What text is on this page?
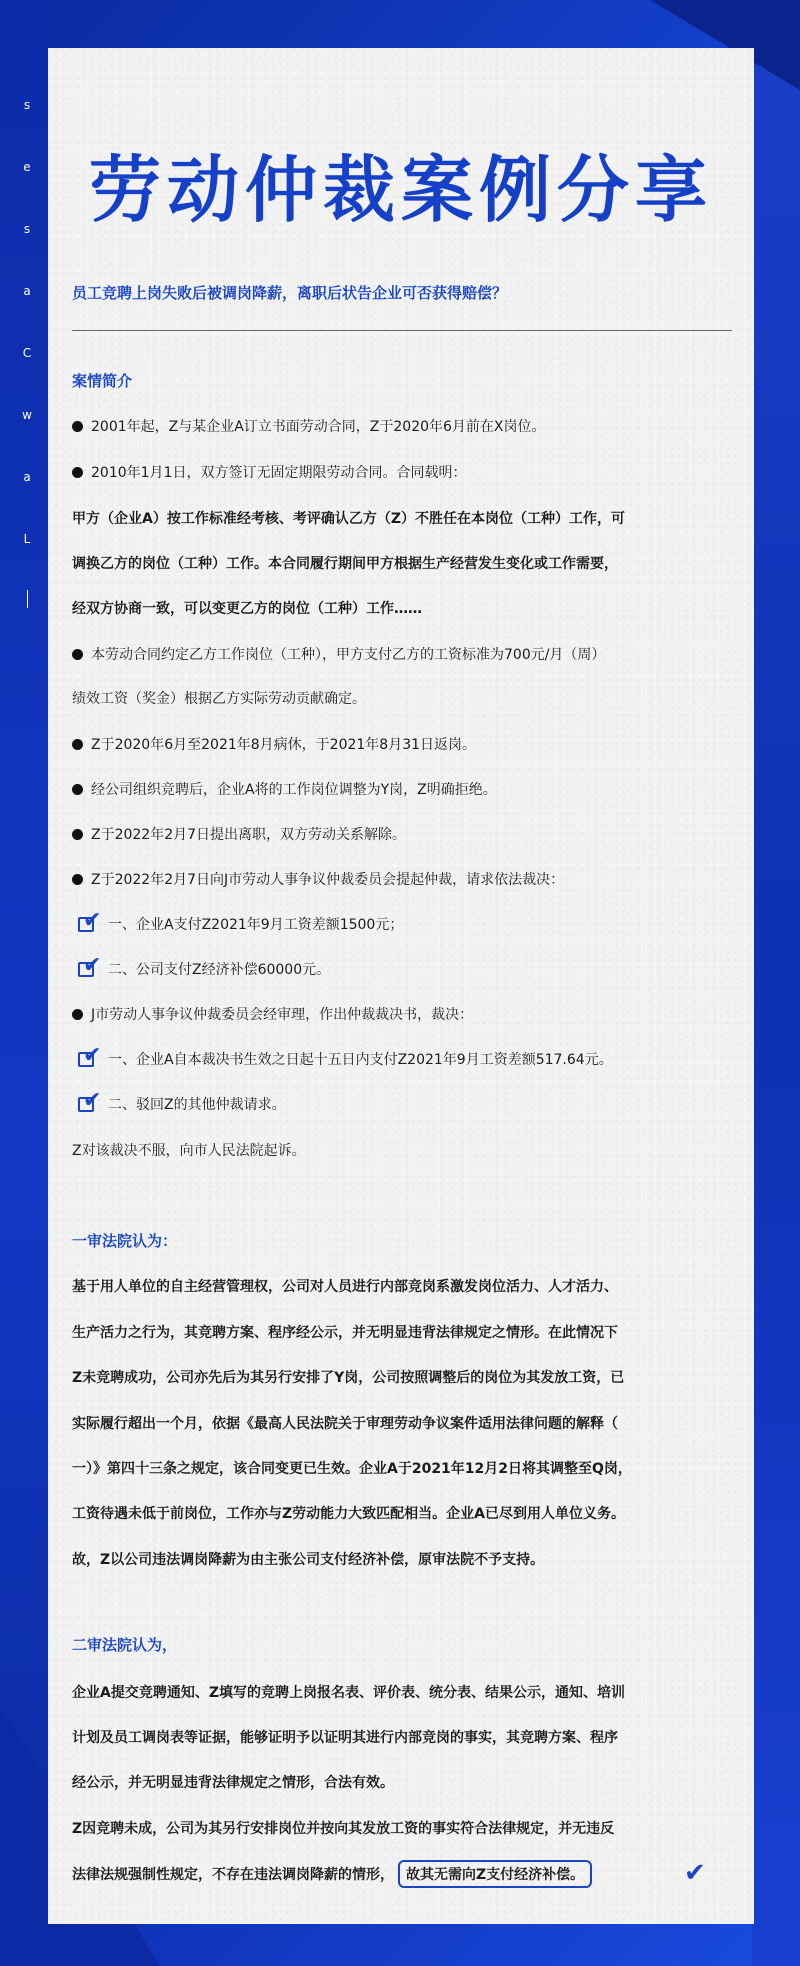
s
e
s
a
C
w
a
L
劳动仲裁案例分享

员工竞聘上岗失败后被调岗降薪，离职后状告企业可否获得赔偿？

案情简介

2001年起，Z与某企业A订立书面劳动合同，Z于2020年6月前在X岗位。

2010年1月1日，双方签订无固定期限劳动合同。合同载明：

甲方（企业A）按工作标准经考核、考评确认乙方（Z）不胜任在本岗位（工种）工作，可

调换乙方的岗位（工种）工作。本合同履行期间甲方根据生产经营发生变化或工作需要，

经双方协商一致，可以变更乙方的岗位（工种）工作……

本劳动合同约定乙方工作岗位（工种），甲方支付乙方的工资标准为700元/月（周）

绩效工资（奖金）根据乙方实际劳动贡献确定。

Z于2020年6月至2021年8月病休，于2021年8月31日返岗。

经公司组织竞聘后，企业A将的工作岗位调整为Y岗，Z明确拒绝。

Z于2022年2月7日提出离职，双方劳动关系解除。

Z于2022年2月7日向J市劳动人事争议仲裁委员会提起仲裁，请求依法裁决：

✔ 一、企业A支付Z2021年9月工资差额1500元；
✔ 二、公司支付Z经济补偿60000元。

J市劳动人事争议仲裁委员会经审理，作出仲裁裁决书，裁决：

✔ 一、企业A自本裁决书生效之日起十五日内支付Z2021年9月工资差额517.64元。
✔ 二、驳回Z的其他仲裁请求。

Z对该裁决不服，向市人民法院起诉。

一审法院认为：

基于用人单位的自主经营管理权，公司对人员进行内部竞岗系激发岗位活力、人才活力、

生产活力之行为，其竞聘方案、程序经公示，并无明显违背法律规定之情形。在此情况下

Z未竞聘成功，公司亦先后为其另行安排了Y岗，公司按照调整后的岗位为其发放工资，已

实际履行超出一个月，依据《最高人民法院关于审理劳动争议案件适用法律问题的解释（

一）》第四十三条之规定，该合同变更已生效。企业A于2021年12月2日将其调整至Q岗，

工资待遇未低于前岗位，工作亦与Z劳动能力大致匹配相当。企业A已尽到用人单位义务。

故，Z以公司违法调岗降薪为由主张公司支付经济补偿，原审法院不予支持。

二审法院认为，

企业A提交竞聘通知、Z填写的竞聘上岗报名表、评价表、统分表、结果公示，通知、培训

计划及员工调岗表等证据，能够证明予以证明其进行内部竞岗的事实，其竞聘方案、程序

经公示，并无明显违背法律规定之情形，合法有效。

Z因竞聘未成，公司为其另行安排岗位并按向其发放工资的事实符合法律规定，并无违反

法律法规强制性规定，不存在违法调岗降薪的情形， 故其无需向Z支付经济补偿。	✔
